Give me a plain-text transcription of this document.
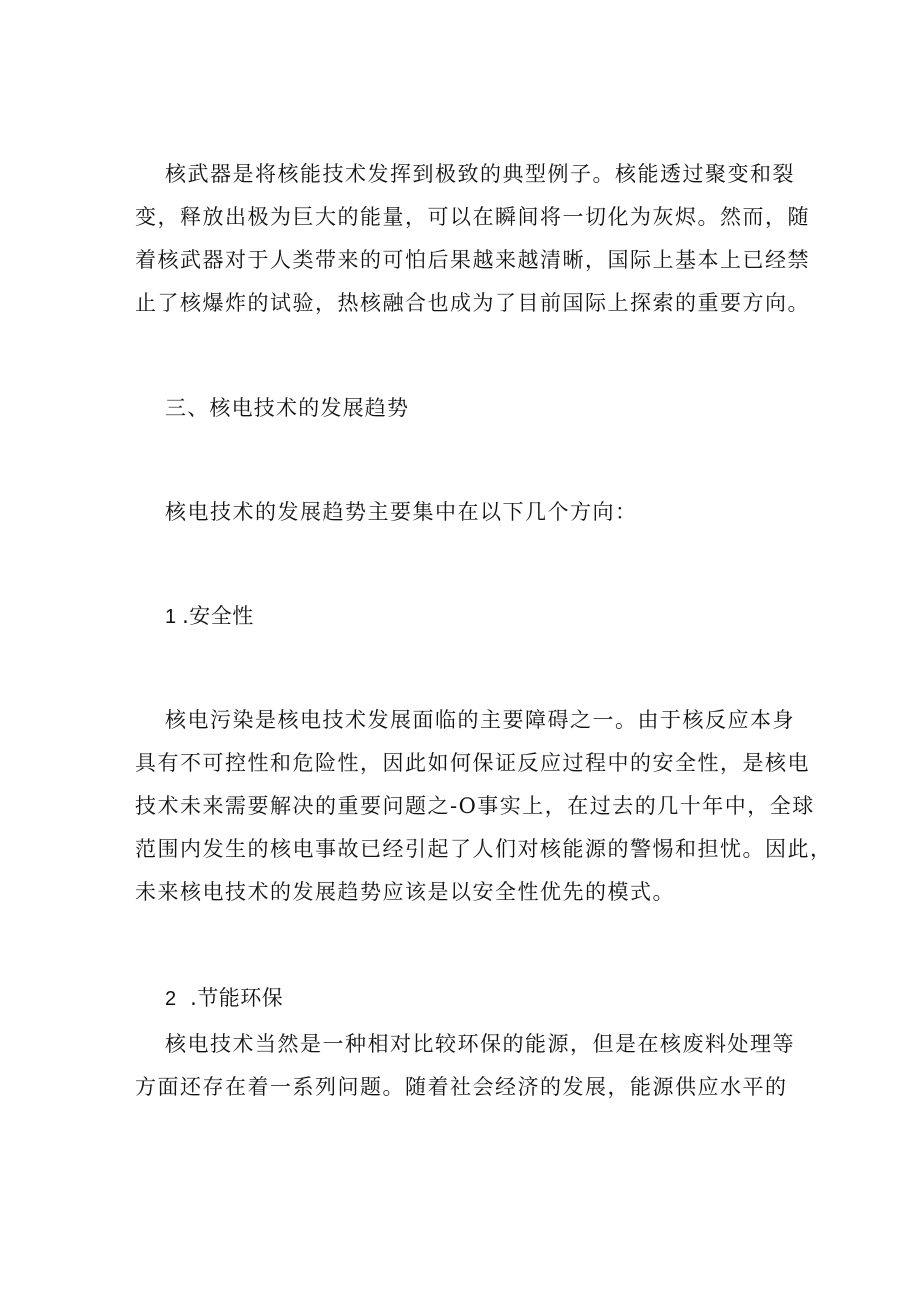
核武器是将核能技术发挥到极致的典型例子。核能透过聚变和裂
变，释放出极为巨大的能量，可以在瞬间将一切化为灰烬。然而，随
着核武器对于人类带来的可怕后果越来越清晰，国际上基本上已经禁
止了核爆炸的试验，热核融合也成为了目前国际上探索的重要方向。
三、核电技术的发展趋势
核电技术的发展趋势主要集中在以下几个方向：
1 .安全性
核电污染是核电技术发展面临的主要障碍之一。由于核反应本身
具有不可控性和危险性，因此如何保证反应过程中的安全性，是核电
技术未来需要解决的重要问题之-O事实上，在过去的几十年中，全球
范围内发生的核电事故已经引起了人们对核能源的警惕和担忧。因此，
未来核电技术的发展趋势应该是以安全性优先的模式。
2 .节能环保
核电技术当然是一种相对比较环保的能源，但是在核废料处理等
方面还存在着一系列问题。随着社会经济的发展，能源供应水平的
